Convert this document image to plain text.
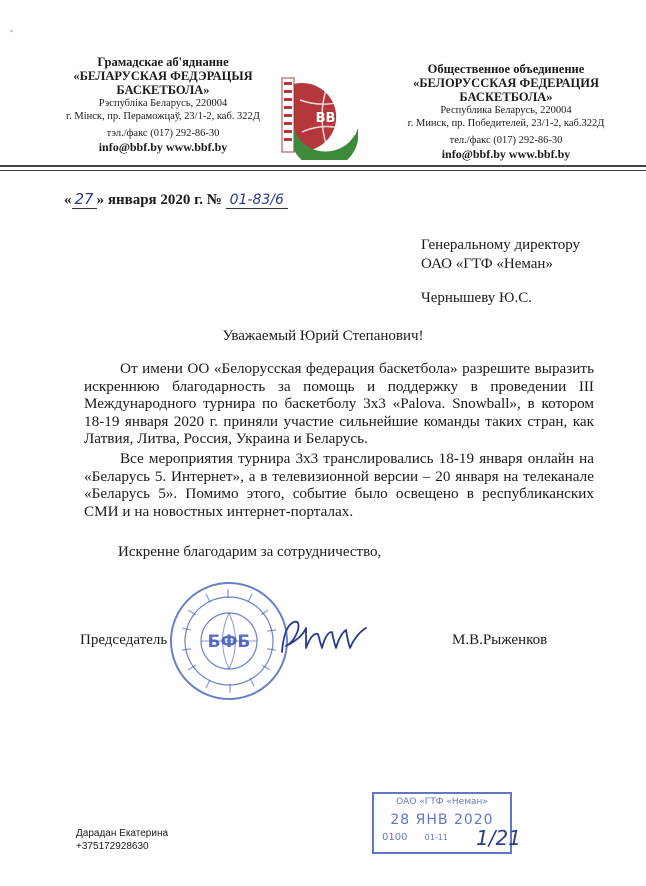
*
Грамадскае аб'яднанне
«БЕЛАРУСКАЯ ФЕДЭРАЦЫЯ
БАСКЕТБОЛА»
Рэспубліка Беларусь, 220004
г. Мінск, пр. Пераможцаў, 23/1-2, каб. 322Д
тэл./факс (017) 292-86-30
info@bbf.by www.bbf.by
BBF
Общественное объединение
«БЕЛОРУССКАЯ ФЕДЕРАЦИЯ
БАСКЕТБОЛА»
Республика Беларусь, 220004
г. Минск, пр. Победителей, 23/1-2, каб.322Д
тел./факс (017) 292-86-30
info@bbf.by www.bbf.by
« 27 » января 2020 г. № 01-83/6
Генеральному директору
ОАО «ГТФ «Неман»
Чернышеву Ю.С.
Уважаемый Юрий Степанович!
От имени ОО «Белорусская федерация баскетбола» разрешите выразить искреннюю благодарность за помощь и поддержку в проведении III Международного турнира по баскетболу 3х3 «Palova. Snowball», в котором 18-19 января 2020 г. приняли участие сильнейшие команды таких стран, как Латвия, Литва, Россия, Украина и Беларусь.
Все мероприятия турнира 3х3 транслировались 18-19 января онлайн на «Беларусь 5. Интернет», а в телевизионной версии – 20 января на телеканале «Беларусь 5». Помимо этого, событие было освещено в республиканских СМИ и на новостных интернет-порталах.
Искренне благодарим за сотрудничество,
БФБ
Председатель	М.В.Рыженков
ОАО «ГТФ «Неман»
28 ЯНВ 2020
0100 01-11	1/21
Дарадан Екатерина
+375172928630
